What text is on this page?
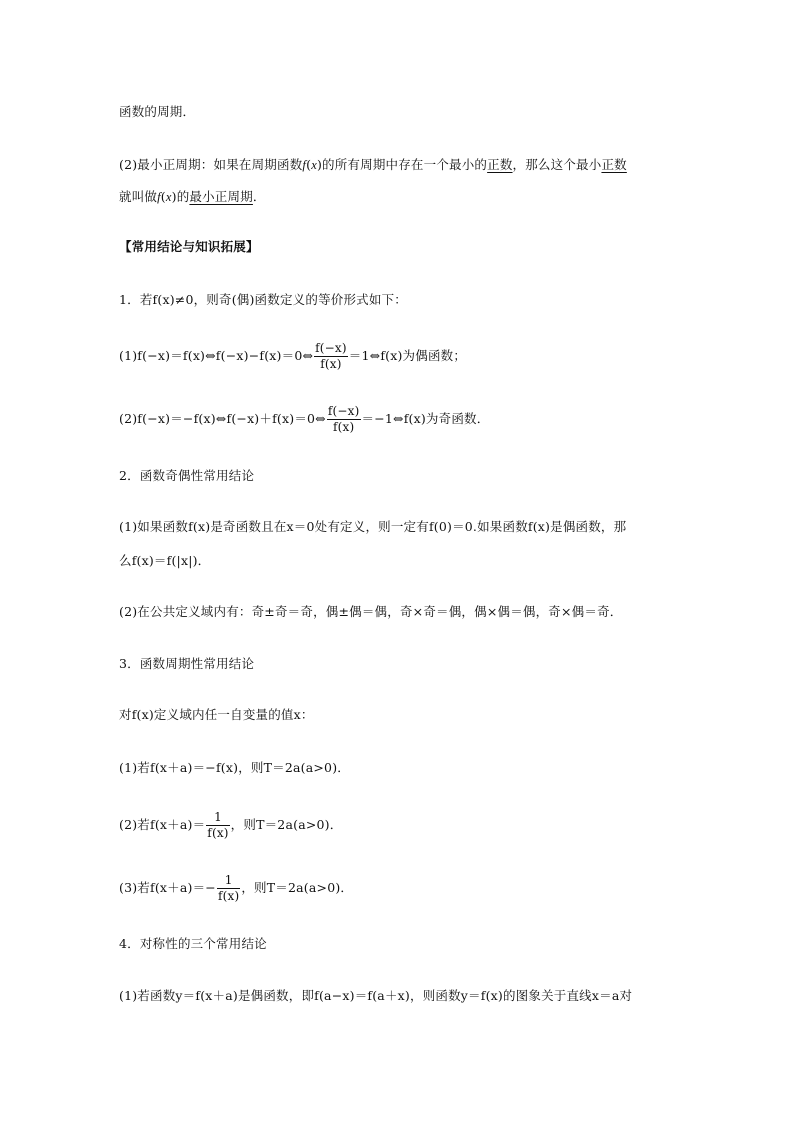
函数的周期．
(2)最小正周期：如果在周期函数f(x)的所有周期中存在一个最小的正数，那么这个最小正数
就叫做f(x)的最小正周期．
【常用结论与知识拓展】
1．若f(x)≠0，则奇(偶)函数定义的等价形式如下：
(1)f(−x)＝f(x)⇔f(−x)−f(x)＝0⇔ $\frac{f(-x)}{f(x)}$ ＝1⇔f(x)为偶函数；
(2)f(−x)＝−f(x)⇔f(−x)＋f(x)＝0⇔ $\frac{f(-x)}{f(x)}$ ＝−1⇔f(x)为奇函数．
2．函数奇偶性常用结论
(1)如果函数f(x)是奇函数且在x＝0处有定义，则一定有f(0)＝0.如果函数f(x)是偶函数，那
么f(x)＝f(|x|)．
(2)在公共定义域内有：奇±奇＝奇，偶±偶＝偶，奇×奇＝偶，偶×偶＝偶，奇×偶＝奇．
3．函数周期性常用结论
对f(x)定义域内任一自变量的值x：
(1)若f(x＋a)＝−f(x)，则T＝2a(a>0)．
(2)若$f(x+a)= \frac{1}{f(x)}$ ，则T＝2a(a>0)．
(3)若$f(x+a)=- \frac{1}{f(x)}$ ，则T＝2a(a>0)．
4．对称性的三个常用结论
(1)若函数y＝f(x＋a)是偶函数，即f(a−x)＝f(a＋x)，则函数y＝f(x)的图象关于直线x＝a对
